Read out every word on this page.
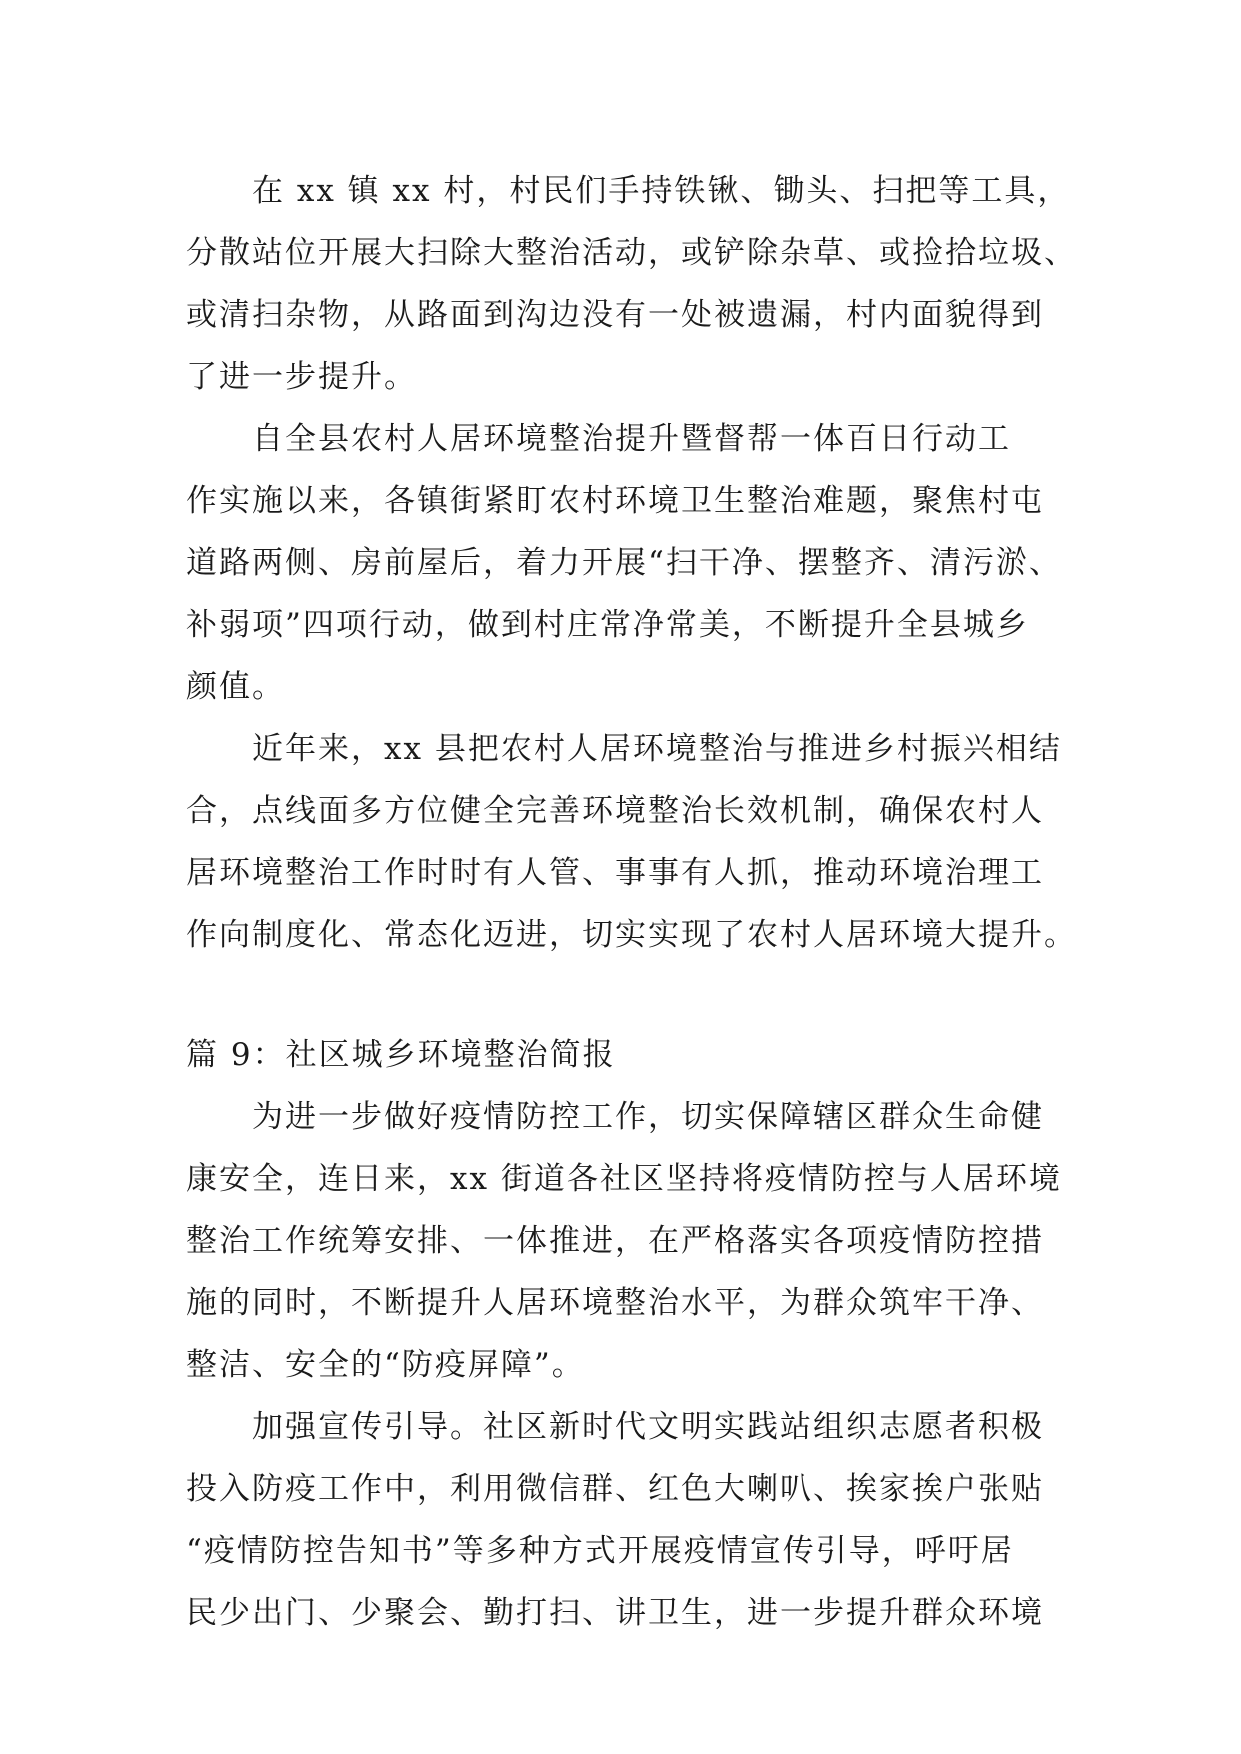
在 xx 镇 xx 村，村民们手持铁锹、锄头、扫把等工具，
分散站位开展大扫除大整治活动，或铲除杂草、或捡拾垃圾、
或清扫杂物，从路面到沟边没有一处被遗漏，村内面貌得到
了进一步提升。
自全县农村人居环境整治提升暨督帮一体百日行动工
作实施以来，各镇街紧盯农村环境卫生整治难题，聚焦村屯
道路两侧、房前屋后，着力开展“扫干净、摆整齐、清污淤、
补弱项”四项行动，做到村庄常净常美，不断提升全县城乡
颜值。
近年来，xx 县把农村人居环境整治与推进乡村振兴相结
合，点线面多方位健全完善环境整治长效机制，确保农村人
居环境整治工作时时有人管、事事有人抓，推动环境治理工
作向制度化、常态化迈进，切实实现了农村人居环境大提升。
篇 9：社区城乡环境整治简报
为进一步做好疫情防控工作，切实保障辖区群众生命健
康安全，连日来，xx 街道各社区坚持将疫情防控与人居环境
整治工作统筹安排、一体推进，在严格落实各项疫情防控措
施的同时，不断提升人居环境整治水平，为群众筑牢干净、
整洁、安全的“防疫屏障”。
加强宣传引导。社区新时代文明实践站组织志愿者积极
投入防疫工作中，利用微信群、红色大喇叭、挨家挨户张贴
“疫情防控告知书”等多种方式开展疫情宣传引导，呼吁居
民少出门、少聚会、勤打扫、讲卫生，进一步提升群众环境
